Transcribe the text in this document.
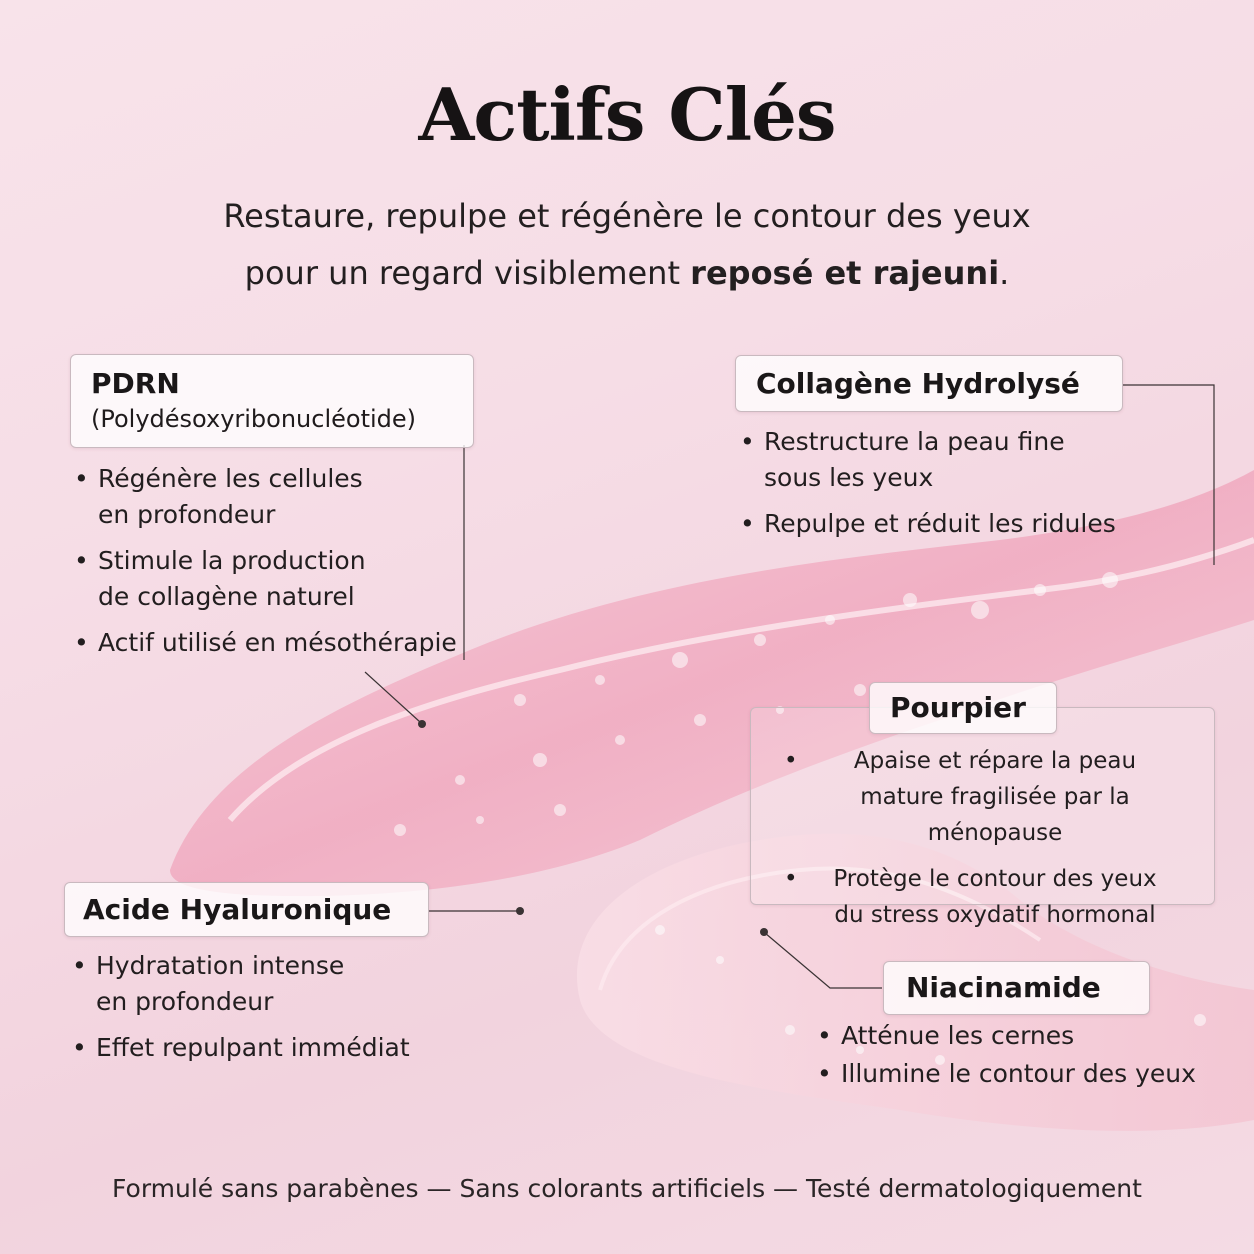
Actifs Clés
Restaure, repulpe et régénère le contour des yeux
pour un regard visiblement reposé et rajeuni.
PDRN
(Polydésoxyribonucléotide)
• Régénère les cellules
en profondeur
• Stimule la production
de collagène naturel
• Actif utilisé en mésothérapie
Collagène Hydrolysé
• Restructure la peau fine
sous les yeux
• Repulpe et réduit les ridules
Pourpier
• Apaise et répare la peau
mature fragilisée par la ménopause
• Protège le contour des yeux
du stress oxydatif hormonal
Acide Hyaluronique
• Hydratation intense
en profondeur
• Effet repulpant immédiat
Niacinamide
• Atténue les cernes
• Illumine le contour des yeux
Formulé sans parabènes — Sans colorants artificiels — Testé dermatologiquement
